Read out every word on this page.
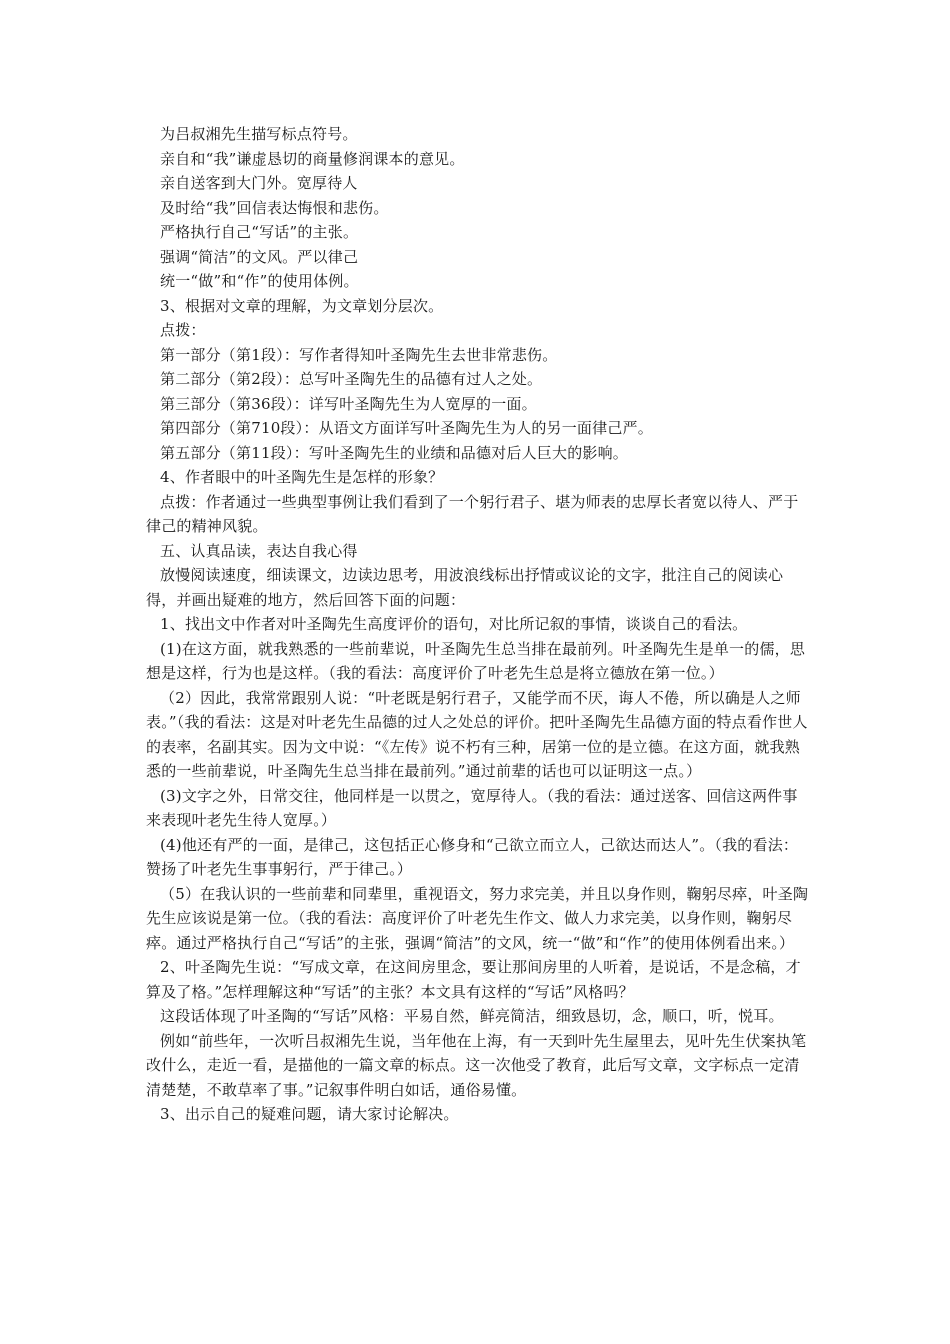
为吕叔湘先生描写标点符号。

亲自和“我”谦虚恳切的商量修润课本的意见。

亲自送客到大门外。宽厚待人

及时给“我”回信表达悔恨和悲伤。

严格执行自己“写话”的主张。

强调“简洁”的文风。严以律己

统一“做”和“作”的使用体例。

3、根据对文章的理解，为文章划分层次。

点拨：

第一部分（第1段）：写作者得知叶圣陶先生去世非常悲伤。

第二部分（第2段）：总写叶圣陶先生的品德有过人之处。

第三部分（第36段）：详写叶圣陶先生为人宽厚的一面。

第四部分（第710段）：从语文方面详写叶圣陶先生为人的另一面律己严。

第五部分（第11段）：写叶圣陶先生的业绩和品德对后人巨大的影响。

4、作者眼中的叶圣陶先生是怎样的形象？

点拨：作者通过一些典型事例让我们看到了一个躬行君子、堪为师表的忠厚长者宽以待人、严于律己的精神风貌。

五、认真品读，表达自我心得

放慢阅读速度，细读课文，边读边思考，用波浪线标出抒情或议论的文字，批注自己的阅读心得，并画出疑难的地方，然后回答下面的问题：

1、找出文中作者对叶圣陶先生高度评价的语句，对比所记叙的事情，谈谈自己的看法。

(1)在这方面，就我熟悉的一些前辈说，叶圣陶先生总当排在最前列。叶圣陶先生是单一的儒，思想是这样，行为也是这样。（我的看法：高度评价了叶老先生总是将立德放在第一位。）

（2）因此，我常常跟别人说：“叶老既是躬行君子，又能学而不厌，诲人不倦，所以确是人之师表。”（我的看法：这是对叶老先生品德的过人之处总的评价。把叶圣陶先生品德方面的特点看作世人的表率，名副其实。因为文中说：“《左传》说不朽有三种，居第一位的是立德。在这方面，就我熟悉的一些前辈说，叶圣陶先生总当排在最前列。”通过前辈的话也可以证明这一点。）

(3)文字之外，日常交往，他同样是一以贯之，宽厚待人。（我的看法：通过送客、回信这两件事来表现叶老先生待人宽厚。）

(4)他还有严的一面，是律己，这包括正心修身和“己欲立而立人，己欲达而达人”。（我的看法：赞扬了叶老先生事事躬行，严于律己。）

（5）在我认识的一些前辈和同辈里，重视语文，努力求完美，并且以身作则，鞠躬尽瘁，叶圣陶先生应该说是第一位。（我的看法：高度评价了叶老先生作文、做人力求完美，以身作则，鞠躬尽瘁。通过严格执行自己“写话”的主张，强调“简洁”的文风，统一“做”和“作”的使用体例看出来。）

2、叶圣陶先生说：“写成文章，在这间房里念，要让那间房里的人听着，是说话，不是念稿，才算及了格。”怎样理解这种“写话”的主张？本文具有这样的“写话”风格吗？

这段话体现了叶圣陶的“写话”风格：平易自然，鲜亮简洁，细致恳切，念，顺口，听，悦耳。

例如“前些年，一次听吕叔湘先生说，当年他在上海，有一天到叶先生屋里去，见叶先生伏案执笔改什么，走近一看，是描他的一篇文章的标点。这一次他受了教育，此后写文章，文字标点一定清清楚楚，不敢草率了事。”记叙事件明白如话，通俗易懂。

3、出示自己的疑难问题，请大家讨论解决。
